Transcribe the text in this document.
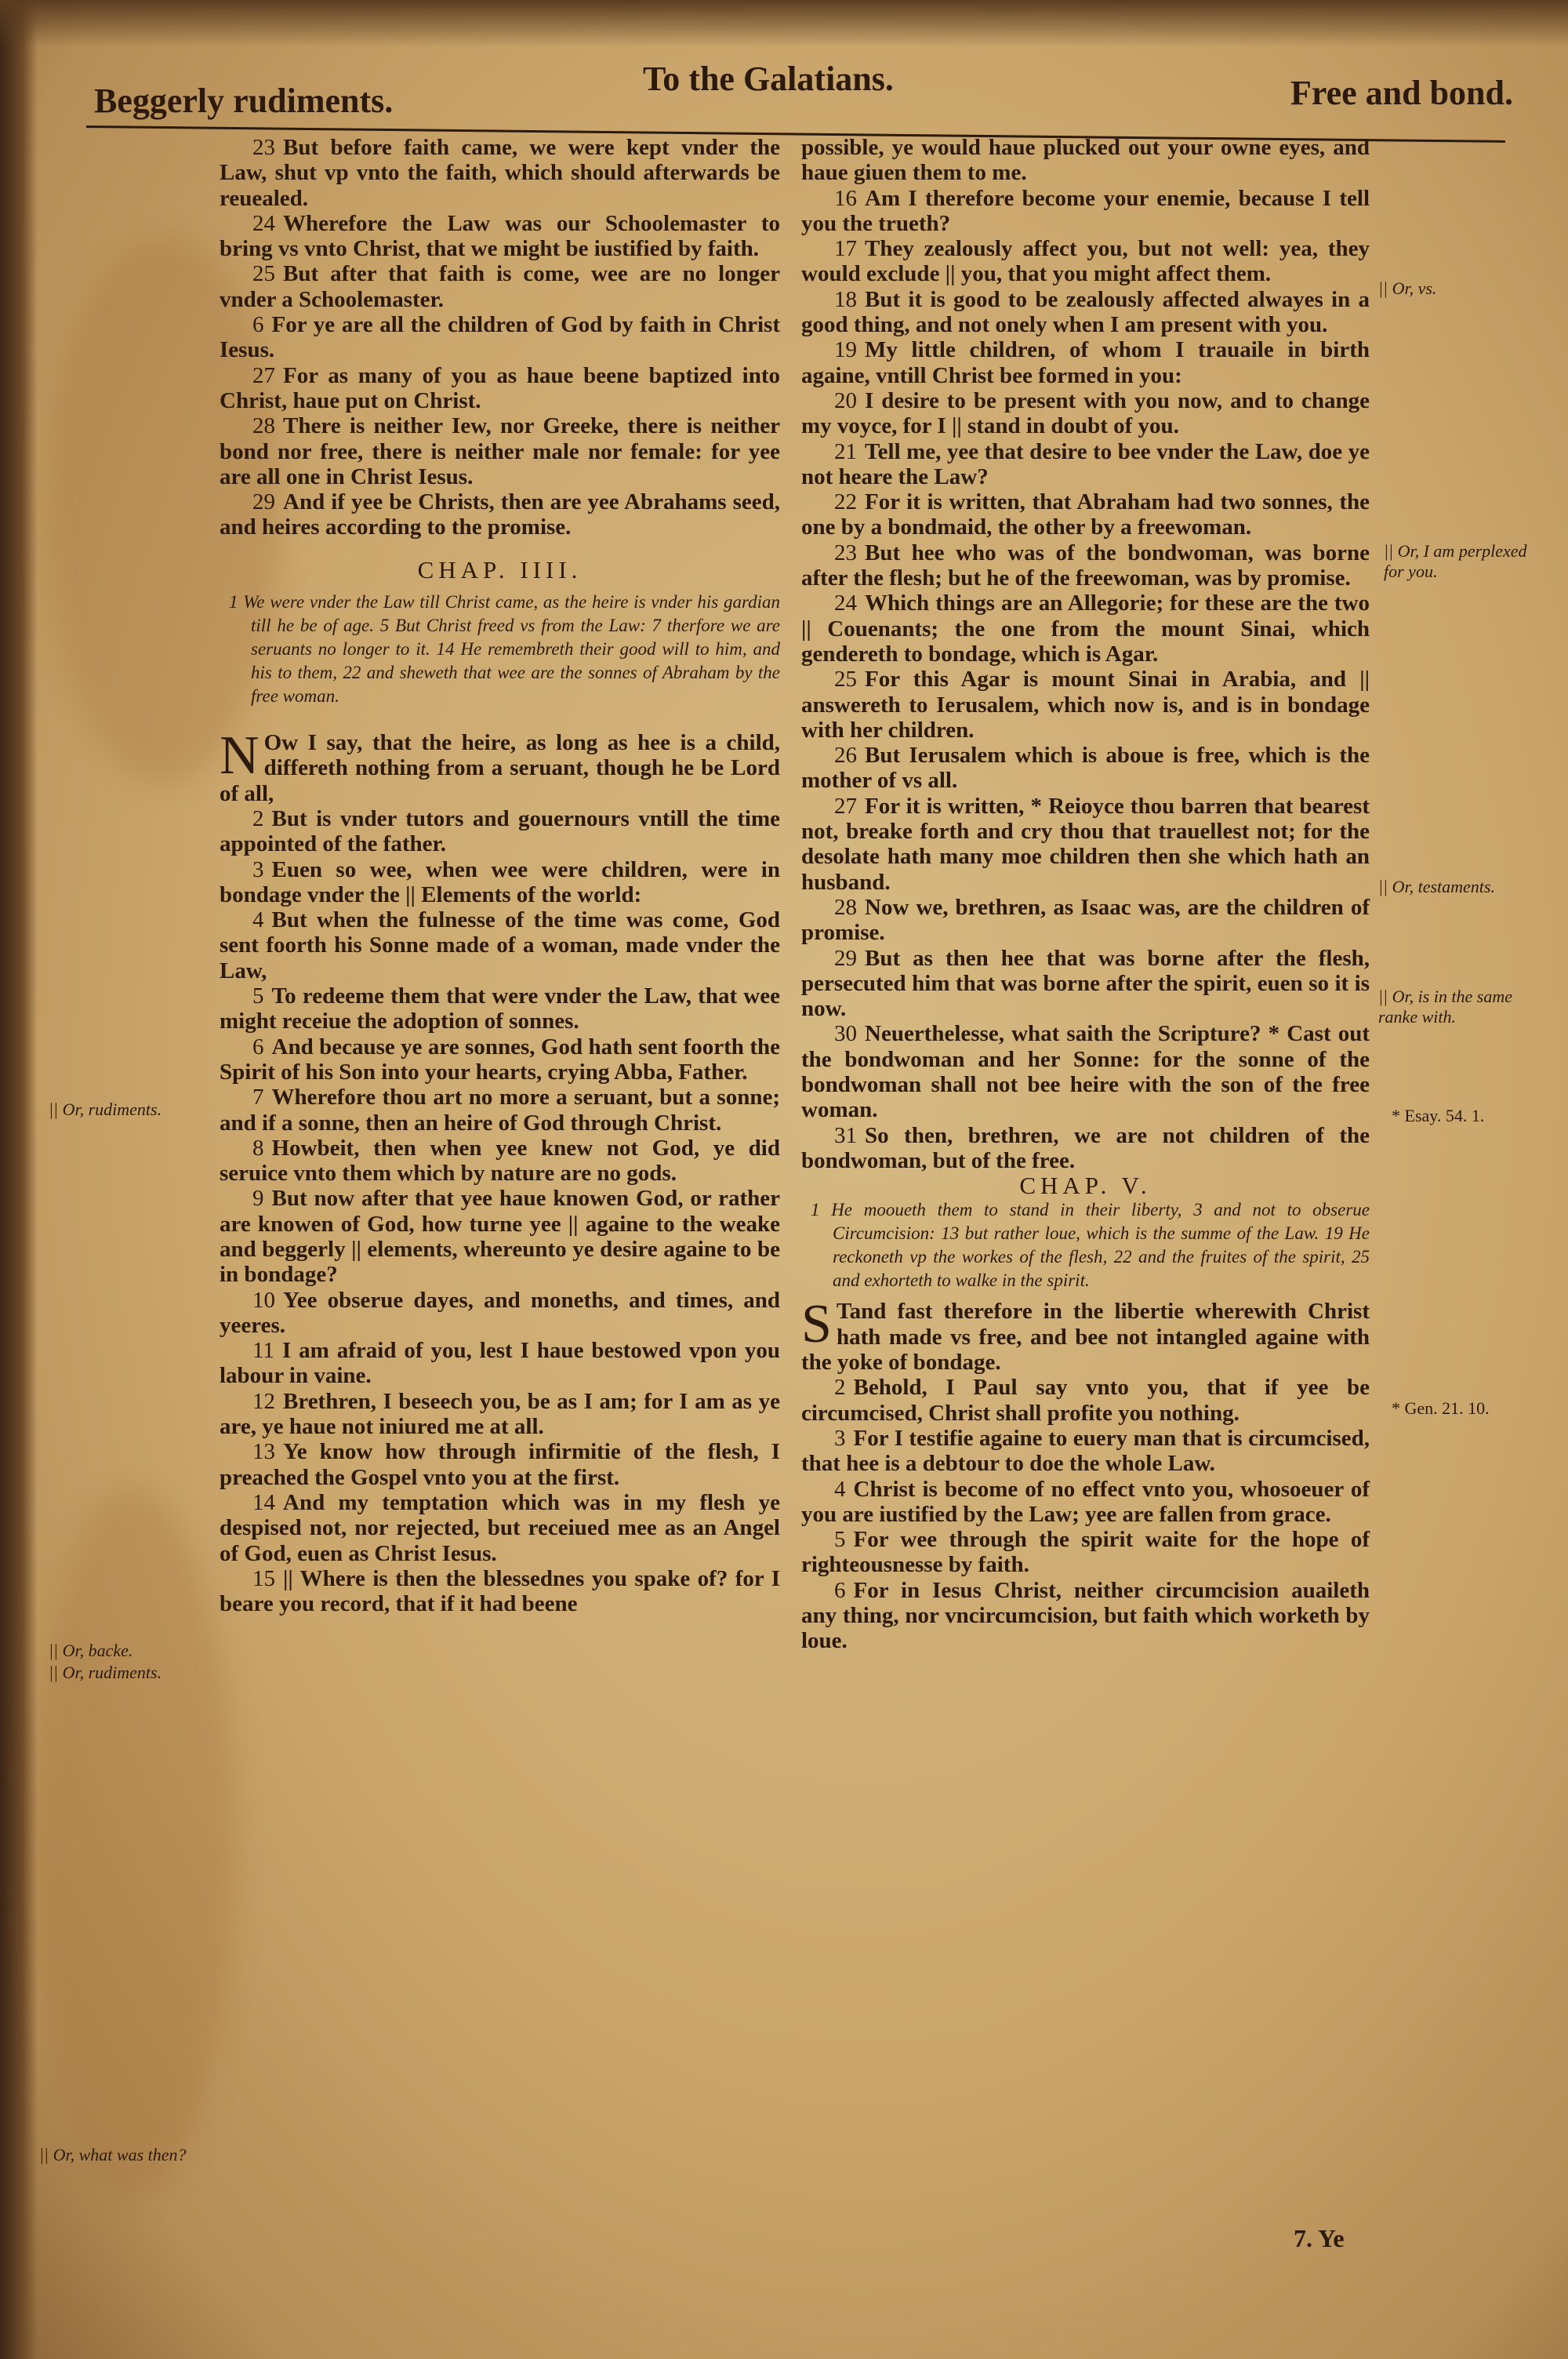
Beggerly rudiments.
To the Galatians.	Free and bond.

23 But before faith came, we were kept vnder the Law, shut vp vnto the faith, which should afterwards be reuealed.

24 Wherefore the Law was our Schoolemaster to bring vs vnto Christ, that we might be iustified by faith.

25 But after that faith is come, wee are no longer vnder a Schoolemaster.

6 For ye are all the children of God by faith in Christ Iesus.

27 For as many of you as haue beene baptized into Christ, haue put on Christ.

28 There is neither Iew, nor Greeke, there is neither bond nor free, there is neither male nor female: for yee are all one in Christ Iesus.

29 And if yee be Christs, then are yee Abrahams seed, and heires according to the promise.

CHAP. IIII.

1 We were vnder the Law till Christ came, as the heire is vnder his gardian till he be of age. 5 But Christ freed vs from the Law: 7 therfore we are seruants no longer to it. 14 He remembreth their good will to him, and his to them, 22 and sheweth that wee are the sonnes of Abraham by the free woman.

N Ow I say, that the heire, as long as hee is a child, differeth nothing from a seruant, though he be Lord of all,

2 But is vnder tutors and gouernours vntill the time appointed of the father.

3 Euen so wee, when wee were children, were in bondage vnder the || Elements of the world:

4 But when the fulnesse of the time was come, God sent foorth his Sonne made of a woman, made vnder the Law,

5 To redeeme them that were vnder the Law, that wee might receiue the adoption of sonnes.

6 And because ye are sonnes, God hath sent foorth the Spirit of his Son into your hearts, crying Abba, Father.

7 Wherefore thou art no more a seruant, but a sonne; and if a sonne, then an heire of God through Christ.

8 Howbeit, then when yee knew not God, ye did seruice vnto them which by nature are no gods.

9 But now after that yee haue knowen God, or rather are knowen of God, how turne yee || againe to the weake and beggerly || elements, whereunto ye desire againe to be in bondage?

10 Yee obserue dayes, and moneths, and times, and yeeres.

11 I am afraid of you, lest I haue bestowed vpon you labour in vaine.

12 Brethren, I beseech you, be as I am; for I am as ye are, ye haue not iniured me at all.

13 Ye know how through infirmitie of the flesh, I preached the Gospel vnto you at the first.

14 And my temptation which was in my flesh ye despised not, nor rejected, but receiued mee as an Angel of God, euen as Christ Iesus.

15 || Where is then the blessednes you spake of? for I beare you record, that if it had beene

possible, ye would haue plucked out your owne eyes, and haue giuen them to me.

16 Am I therefore become your enemie, because I tell you the trueth?

17 They zealously affect you, but not well: yea, they would exclude || you, that you might affect them.

18 But it is good to be zealously affected alwayes in a good thing, and not onely when I am present with you.

19 My little children, of whom I trauaile in birth againe, vntill Christ bee formed in you:

20 I desire to be present with you now, and to change my voyce, for I || stand in doubt of you.

21 Tell me, yee that desire to bee vnder the Law, doe ye not heare the Law?

22 For it is written, that Abraham had two sonnes, the one by a bondmaid, the other by a freewoman.

23 But hee who was of the bondwoman, was borne after the flesh; but he of the freewoman, was by promise.

24 Which things are an Allegorie; for these are the two || Couenants; the one from the mount Sinai, which gendereth to bondage, which is Agar.

25 For this Agar is mount Sinai in Arabia, and || answereth to Ierusalem, which now is, and is in bondage with her children.

26 But Ierusalem which is aboue is free, which is the mother of vs all.

27 For it is written, * Reioyce thou barren that bearest not, breake forth and cry thou that trauellest not; for the desolate hath many moe children then she which hath an husband.

28 Now we, brethren, as Isaac was, are the children of promise.

29 But as then hee that was borne after the flesh, persecuted him that was borne after the spirit, euen so it is now.

30 Neuerthelesse, what saith the Scripture? * Cast out the bondwoman and her Sonne: for the sonne of the bondwoman shall not bee heire with the son of the free woman.

31 So then, brethren, we are not children of the bondwoman, but of the free.

CHAP. V.

1 He mooueth them to stand in their liberty, 3 and not to obserue Circumcision: 13 but rather loue, which is the summe of the Law. 19 He reckoneth vp the workes of the flesh, 22 and the fruites of the spirit, 25 and exhorteth to walke in the spirit.

S Tand fast therefore in the libertie wherewith Christ hath made vs free, and bee not intangled againe with the yoke of bondage.

2 Behold, I Paul say vnto you, that if yee be circumcised, Christ shall profite you nothing.

3 For I testifie againe to euery man that is circumcised, that hee is a debtour to doe the whole Law.

4 Christ is become of no effect vnto you, whosoeuer of you are iustified by the Law; yee are fallen from grace.

5 For wee through the spirit waite for the hope of righteousnesse by faith.

6 For in Iesus Christ, neither circumcision auaileth any thing, nor vncircumcision, but faith which worketh by loue.

|| Or, rudiments.
|| Or, backe.
|| Or, rudiments.
|| Or, what was then?
|| Or, vs.
|| Or, I am perplexed for you.
|| Or, testaments.
|| Or, is in the same ranke with.
* Esay. 54. 1.
* Gen. 21. 10.
7. Ye
